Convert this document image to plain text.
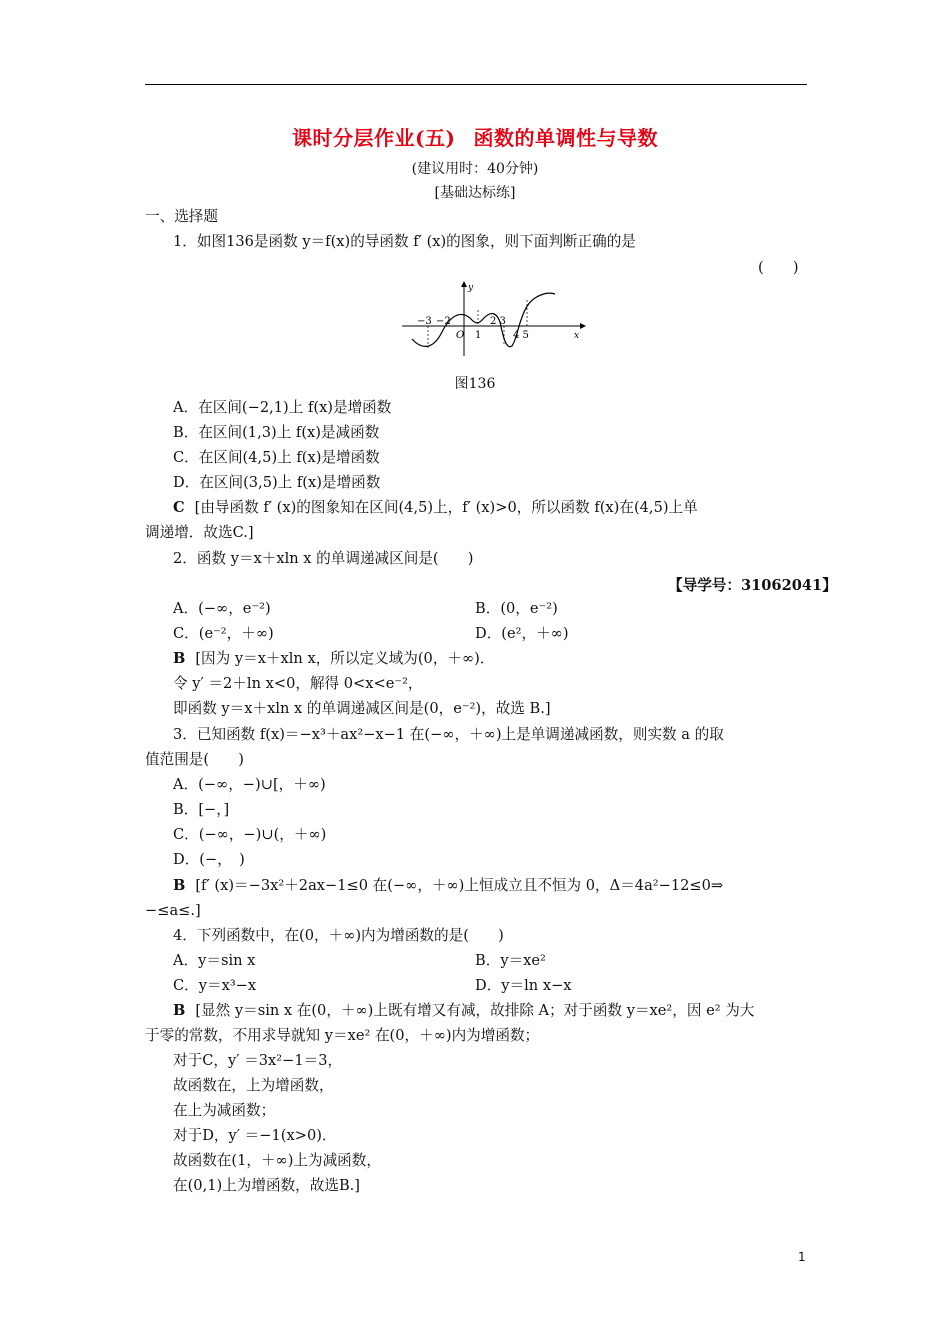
课时分层作业(五) 函数的单调性与导数
(建议用时：40分钟)
[基础达标练]
一、选择题
1．如图136是函数 y＝f(x)的导函数 f′ (x)的图象，则下面判断正确的是
(　　)
y
x
O
−3 −2
1
2 3
4 5
图136
A．在区间(−2,1)上 f(x)是增函数
B．在区间(1,3)上 f(x)是减函数
C．在区间(4,5)上 f(x)是增函数
D．在区间(3,5)上 f(x)是增函数
C [由导函数 f′ (x)的图象知在区间(4,5)上，f′ (x)>0，所以函数 f(x)在(4,5)上单
调递增．故选C.]
2．函数 y＝x＋xln x 的单调递减区间是(　　)
【导学号：31062041】
A．(−∞，e⁻²)	B．(0，e⁻²)
C．(e⁻²，＋∞)	D．(e²，＋∞)
B [因为 y＝x＋xln x，所以定义域为(0，＋∞)．
令 y′ ＝2＋ln x<0，解得 0<x<e⁻²，
即函数 y＝x＋xln x 的单调递减区间是(0，e⁻²)，故选 B.]
3．已知函数 f(x)＝−x³＋ax²−x−1 在(−∞，＋∞)上是单调递减函数，则实数 a 的取
值范围是(　　)
A．(−∞，−)∪[，＋∞)
B．[−，]
C．(−∞，−)∪(，＋∞)
D．(−，　)
B [f′ (x)＝−3x²＋2ax−1≤0 在(−∞，＋∞)上恒成立且不恒为 0，Δ＝4a²−12≤0⇒
−≤a≤.]
4．下列函数中，在(0，＋∞)内为增函数的是(　　)
A．y＝sin x	B．y＝xe²
C．y＝x³−x	D．y＝ln x−x
B [显然 y＝sin x 在(0，＋∞)上既有增又有减，故排除 A；对于函数 y＝xe²，因 e² 为大
于零的常数，不用求导就知 y＝xe² 在(0，＋∞)内为增函数；
对于C，y′ ＝3x²−1＝3，
故函数在，上为增函数，
在上为减函数；
对于D，y′ ＝−1(x>0)．
故函数在(1，＋∞)上为减函数，
在(0,1)上为增函数，故选B.]
1
